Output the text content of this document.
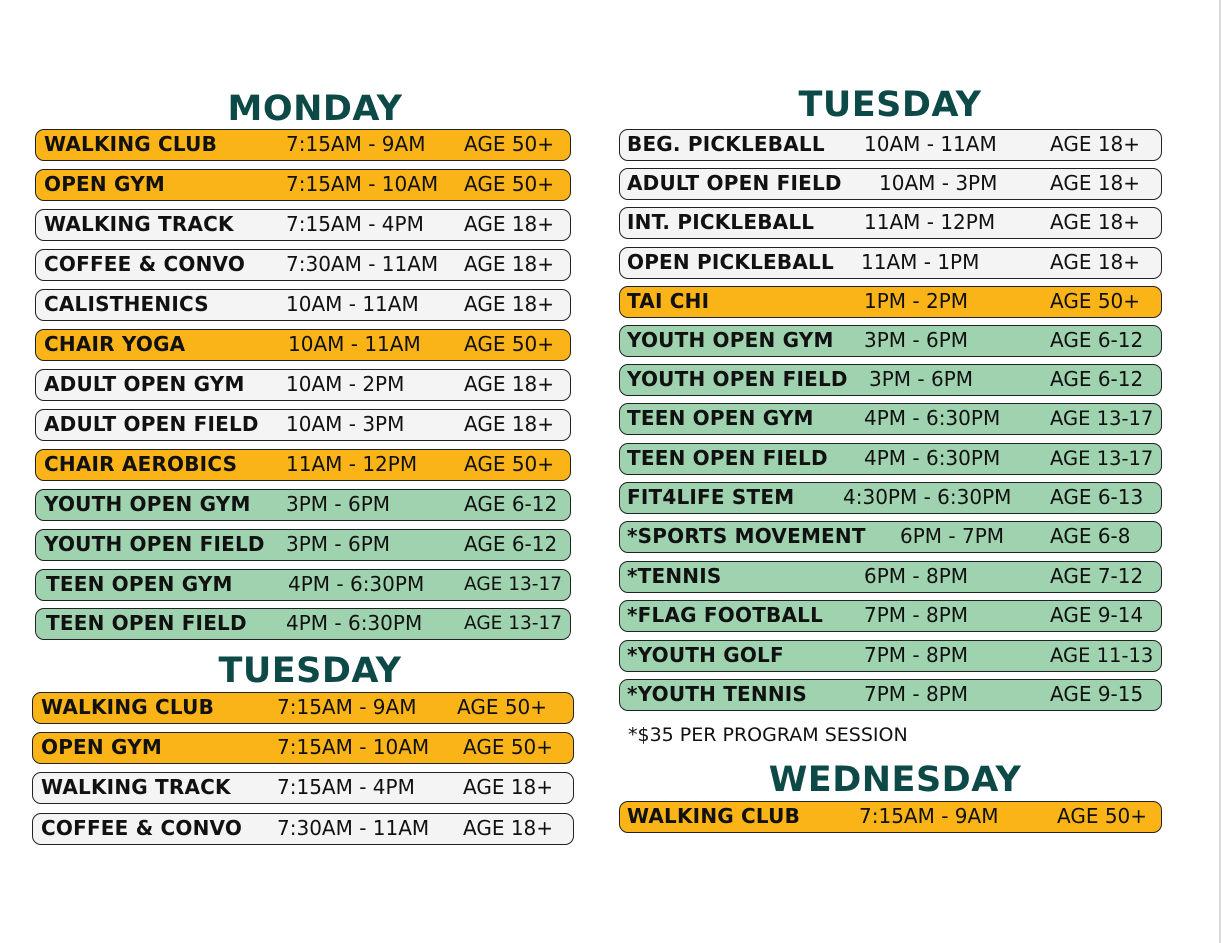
MONDAY
WALKING CLUB	7:15AM - 9AM AGE 50+
OPEN GYM	7:15AM - 10AM AGE 50+
WALKING TRACK	7:15AM - 4PM AGE 18+
COFFEE & CONVO 7:30AM - 11AM AGE 18+
CALISTHENICS	10AM - 11AM AGE 18+
CHAIR YOGA	10AM - 11AM AGE 50+
ADULT OPEN GYM 10AM - 2PM	AGE 18+
ADULT OPEN FIELD 10AM - 3PM	AGE 18+
CHAIR AEROBICS 11AM - 12PM AGE 50+
YOUTH OPEN GYM 3PM - 6PM	AGE 6-12
YOUTH OPEN FIELD 3PM - 6PM	AGE 6-12
TEEN OPEN GYM	4PM - 6:30PM AGE 13-17
TEEN OPEN FIELD 4PM - 6:30PM AGE 13-17
TUESDAY
WALKING CLUB	7:15AM - 9AM AGE 50+
OPEN GYM	7:15AM - 10AM AGE 50+
WALKING TRACK 7:15AM - 4PM AGE 18+
COFFEE & CONVO 7:30AM - 11AM AGE 18+
TUESDAY
BEG. PICKLEBALL 10AM - 11AM	AGE 18+
ADULT OPEN FIELD 10AM - 3PM	AGE 18+
INT. PICKLEBALL 11AM - 12PM	AGE 18+
OPEN PICKLEBALL 11AM - 1PM	AGE 18+
TAI CHI	1PM - 2PM	AGE 50+
YOUTH OPEN GYM 3PM - 6PM	AGE 6-12
YOUTH OPEN FIELD 3PM - 6PM	AGE 6-12
TEEN OPEN GYM	4PM - 6:30PM	AGE 13-17
TEEN OPEN FIELD 4PM - 6:30PM	AGE 13-17
FIT4LIFE STEM 4:30PM - 6:30PM AGE 6-13
*SPORTS MOVEMENT 6PM - 7PM AGE 6-8
*TENNIS	6PM - 8PM	AGE 7-12
*FLAG FOOTBALL 7PM - 8PM	AGE 9-14
*YOUTH GOLF	7PM - 8PM	AGE 11-13
*YOUTH TENNIS	7PM - 8PM	AGE 9-15

*$35 PER PROGRAM SESSION

WEDNESDAY
WALKING CLUB	7:15AM - 9AM	AGE 50+
